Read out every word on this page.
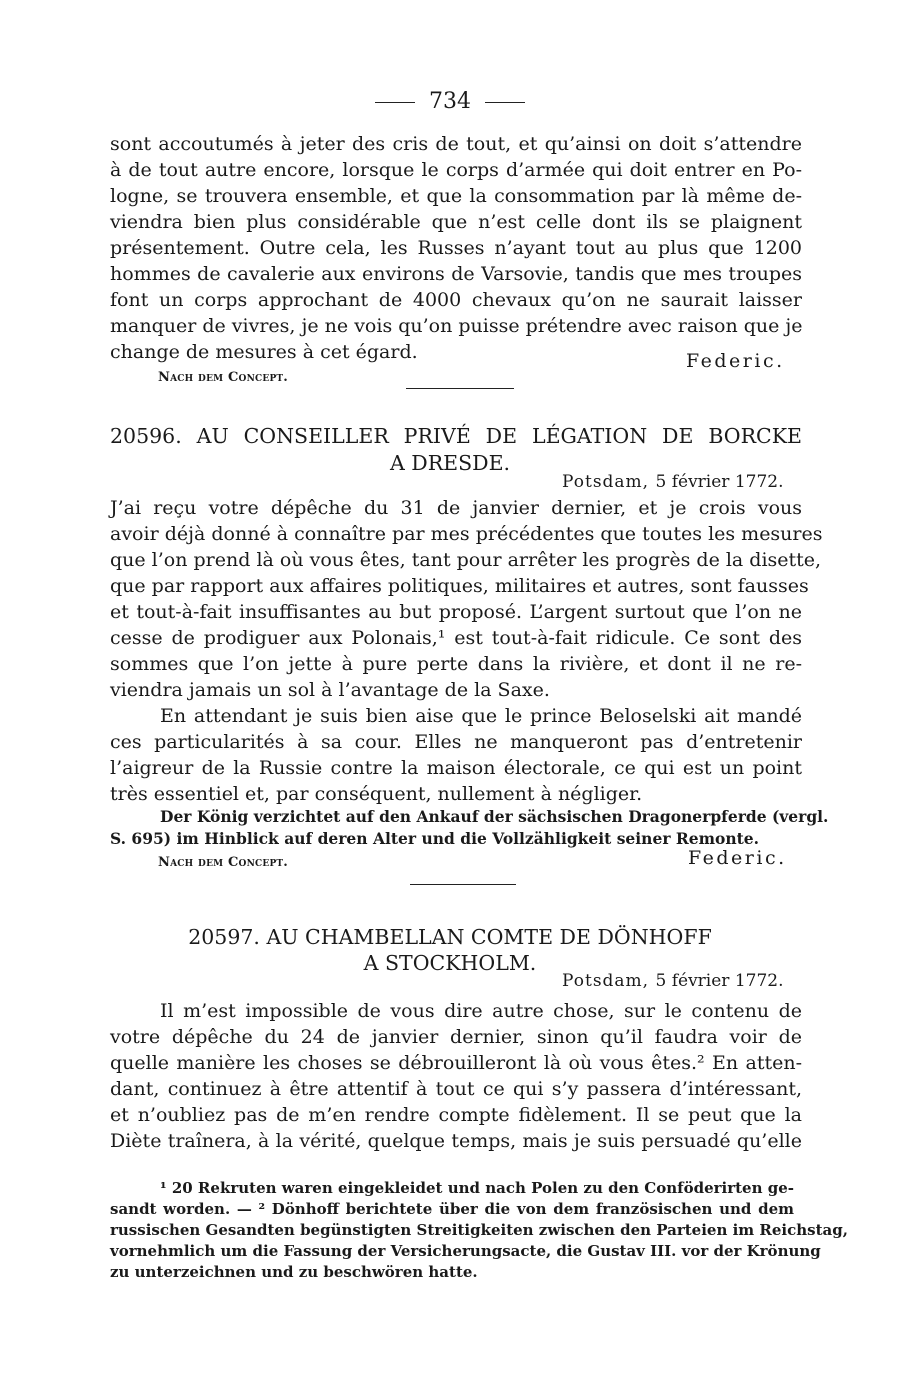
734
sont accoutumés à jeter des cris de tout, et qu’ainsi on doit s’attendre
à de tout autre encore, lorsque le corps d’armée qui doit entrer en Po-
logne, se trouvera ensemble, et que la consommation par là même de-
viendra bien plus considérable que n’est celle dont ils se plaignent
présentement. Outre cela, les Russes n’ayant tout au plus que 1200
hommes de cavalerie aux environs de Varsovie, tandis que mes troupes
font un corps approchant de 4000 chevaux qu’on ne saurait laisser
manquer de vivres, je ne vois qu’on puisse prétendre avec raison que je
change de mesures à cet égard.	Federic.
Nach dem Concept.
20596. AU CONSEILLER PRIVÉ DE LÉGATION DE BORCKE
A DRESDE.
Potsdam, 5 février 1772.
J’ai reçu votre dépêche du 31 de janvier dernier, et je crois vous
avoir déjà donné à connaître par mes précédentes que toutes les mesures
que l’on prend là où vous êtes, tant pour arrêter les progrès de la disette,
que par rapport aux affaires politiques, militaires et autres, sont fausses
et tout-à-fait insuffisantes au but proposé. L’argent surtout que l’on ne
cesse de prodiguer aux Polonais,¹ est tout-à-fait ridicule. Ce sont des
sommes que l’on jette à pure perte dans la rivière, et dont il ne re-
viendra jamais un sol à l’avantage de la Saxe.
En attendant je suis bien aise que le prince Beloselski ait mandé
ces particularités à sa cour. Elles ne manqueront pas d’entretenir
l’aigreur de la Russie contre la maison électorale, ce qui est un point
très essentiel et, par conséquent, nullement à négliger.
Der König verzichtet auf den Ankauf der sächsischen Dragonerpferde (vergl.
S. 695) im Hinblick auf deren Alter und die Vollzähligkeit seiner Remonte.
Nach dem Concept.	Federic.
20597. AU CHAMBELLAN COMTE DE DÖNHOFF
A STOCKHOLM.
Potsdam, 5 février 1772.
Il m’est impossible de vous dire autre chose, sur le contenu de
votre dépêche du 24 de janvier dernier, sinon qu’il faudra voir de
quelle manière les choses se débrouilleront là où vous êtes.² En atten-
dant, continuez à être attentif à tout ce qui s’y passera d’intéressant,
et n’oubliez pas de m’en rendre compte fidèlement. Il se peut que la
Diète traînera, à la vérité, quelque temps, mais je suis persuadé qu’elle
¹ 20 Rekruten waren eingekleidet und nach Polen zu den Conföderirten ge-
sandt worden. — ² Dönhoff berichtete über die von dem französischen und dem
russischen Gesandten begünstigten Streitigkeiten zwischen den Parteien im Reichstag,
vornehmlich um die Fassung der Versicherungsacte, die Gustav III. vor der Krönung
zu unterzeichnen und zu beschwören hatte.
